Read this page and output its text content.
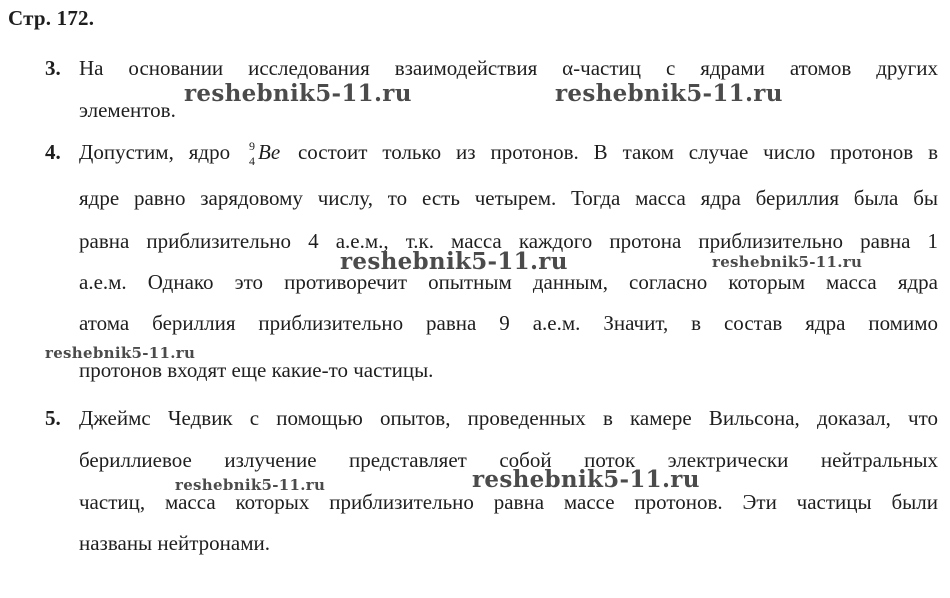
Стр. 172.
3. На основании исследования взаимодействия α-частиц с ядрами атомов других
элементов.
4. Допустим, ядро 9
4 Be состоит только из протонов. В таком случае число протонов в
ядре равно зарядовому числу, то есть четырем. Тогда масса ядра бериллия была бы
равна приблизительно 4 а.е.м., т.к. масса каждого протона приблизительно равна 1
а.е.м. Однако это противоречит опытным данным, согласно которым масса ядра
атома бериллия приблизительно равна 9 а.е.м. Значит, в состав ядра помимо
протонов входят еще какие-то частицы.
5. Джеймс Чедвик с помощью опытов, проведенных в камере Вильсона, доказал, что
бериллиевое излучение представляет собой поток электрически нейтральных
частиц, масса которых приблизительно равна массе протонов. Эти частицы были
названы нейтронами.
reshebnik5-11.ru	reshebnik5-11.ru
reshebnik5-11.ru	reshebnik5-11.ru
reshebnik5-11.ru
reshebnik5-11.ru	reshebnik5-11.ru
